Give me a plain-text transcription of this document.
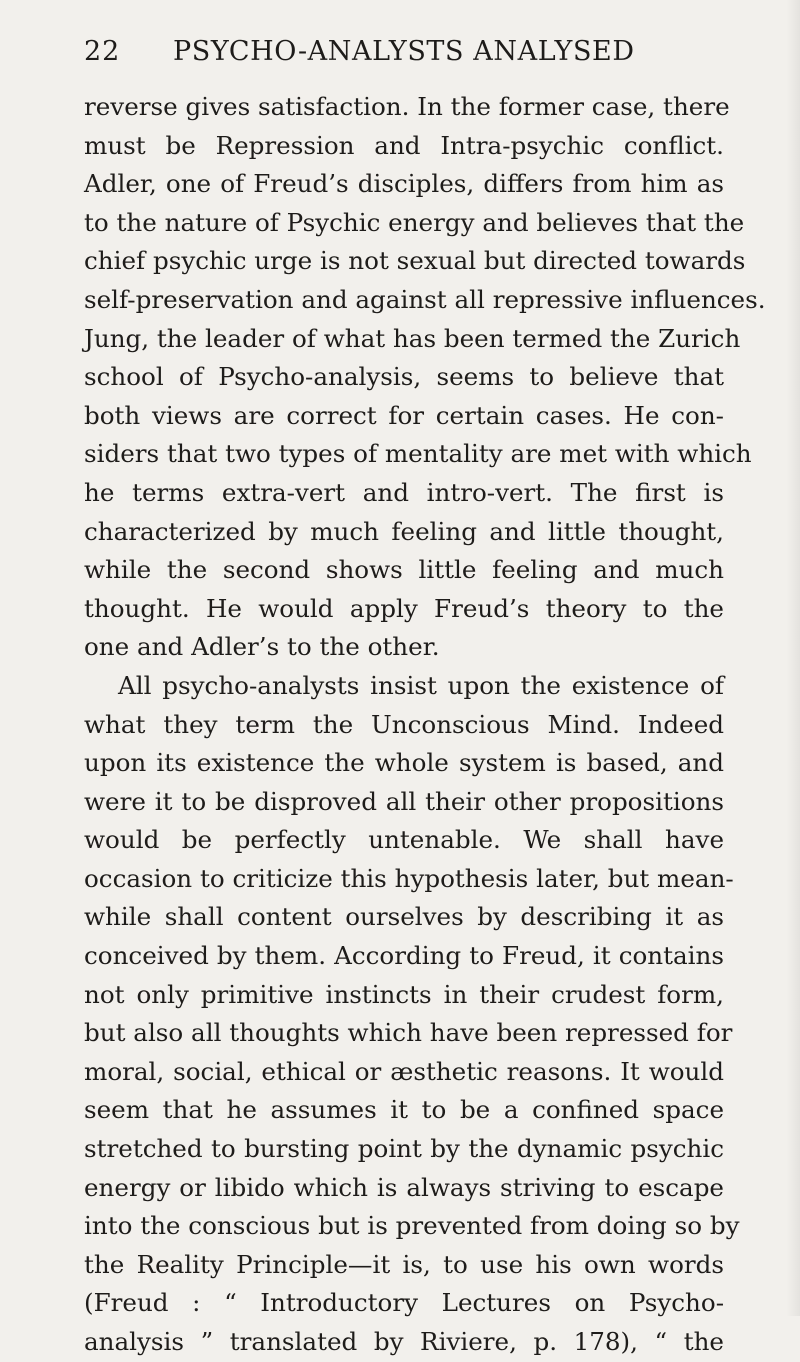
22 PSYCHO-ANALYSTS ANALYSED
reverse gives satisfaction. In the former case, there
must be Repression and Intra-psychic conflict.
Adler, one of Freud’s disciples, differs from him as
to the nature of Psychic energy and believes that the
chief psychic urge is not sexual but directed towards
self-preservation and against all repressive influences.
Jung, the leader of what has been termed the Zurich
school of Psycho-analysis, seems to believe that
both views are correct for certain cases. He con-
siders that two types of mentality are met with which
he terms extra-vert and intro-vert. The first is
characterized by much feeling and little thought,
while the second shows little feeling and much
thought. He would apply Freud’s theory to the
one and Adler’s to the other.
All psycho-analysts insist upon the existence of
what they term the Unconscious Mind. Indeed
upon its existence the whole system is based, and
were it to be disproved all their other propositions
would be perfectly untenable. We shall have
occasion to criticize this hypothesis later, but mean-
while shall content ourselves by describing it as
conceived by them. According to Freud, it contains
not only primitive instincts in their crudest form,
but also all thoughts which have been repressed for
moral, social, ethical or æsthetic reasons. It would
seem that he assumes it to be a confined space
stretched to bursting point by the dynamic psychic
energy or libido which is always striving to escape
into the conscious but is prevented from doing so by
the Reality Principle—it is, to use his own words
(Freud : “ Introductory Lectures on Psycho-
analysis ” translated by Riviere, p. 178), “ the
